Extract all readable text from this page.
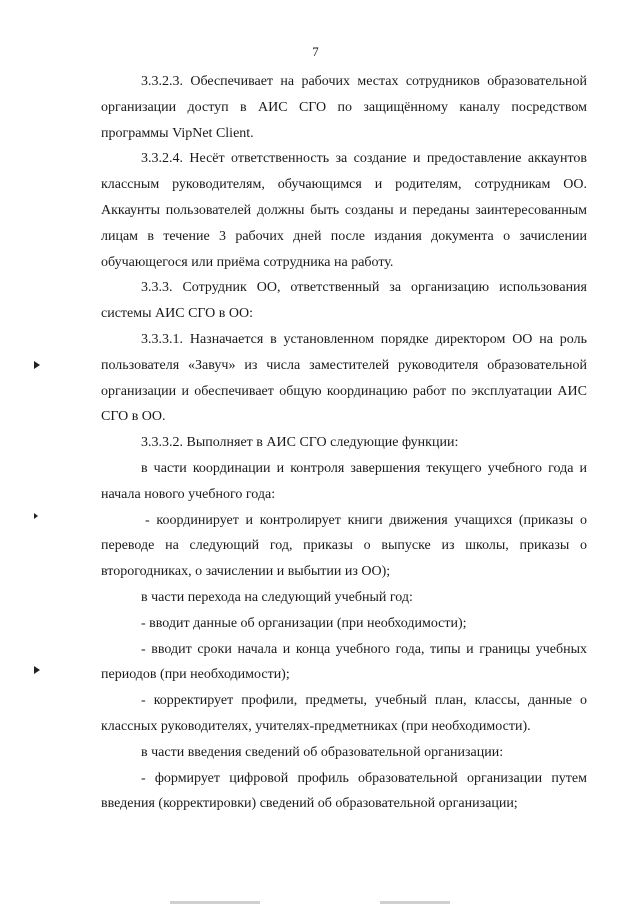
7

3.3.2.3. Обеспечивает на рабочих местах сотрудников образовательной организации доступ в АИС СГО по защищённому каналу посредством программы VipNet Client.

3.3.2.4. Несёт ответственность за создание и предоставление аккаунтов классным руководителям, обучающимся и родителям, сотрудникам ОО. Аккаунты пользователей должны быть созданы и переданы заинтересованным лицам в течение 3 рабочих дней после издания документа о зачислении обучающегося или приёма сотрудника на работу.

3.3.3. Сотрудник ОО, ответственный за организацию использования системы АИС СГО в ОО:

3.3.3.1. Назначается в установленном порядке директором ОО на роль пользователя «Завуч» из числа заместителей руководителя образовательной организации и обеспечивает общую координацию работ по эксплуатации АИС СГО в ОО.

3.3.3.2. Выполняет в АИС СГО следующие функции:

в части координации и контроля завершения текущего учебного года и начала нового учебного года:

- координирует и контролирует книги движения учащихся (приказы о переводе на следующий год, приказы о выпуске из школы, приказы о второгодниках, о зачислении и выбытии из ОО);

в части перехода на следующий учебный год:

- вводит данные об организации (при необходимости);

- вводит сроки начала и конца учебного года, типы и границы учебных периодов (при необходимости);

- корректирует профили, предметы, учебный план, классы, данные о классных руководителях, учителях-предметниках (при необходимости).

в части введения сведений об образовательной организации:

- формирует цифровой профиль образовательной организации путем введения (корректировки) сведений об образовательной организации;
